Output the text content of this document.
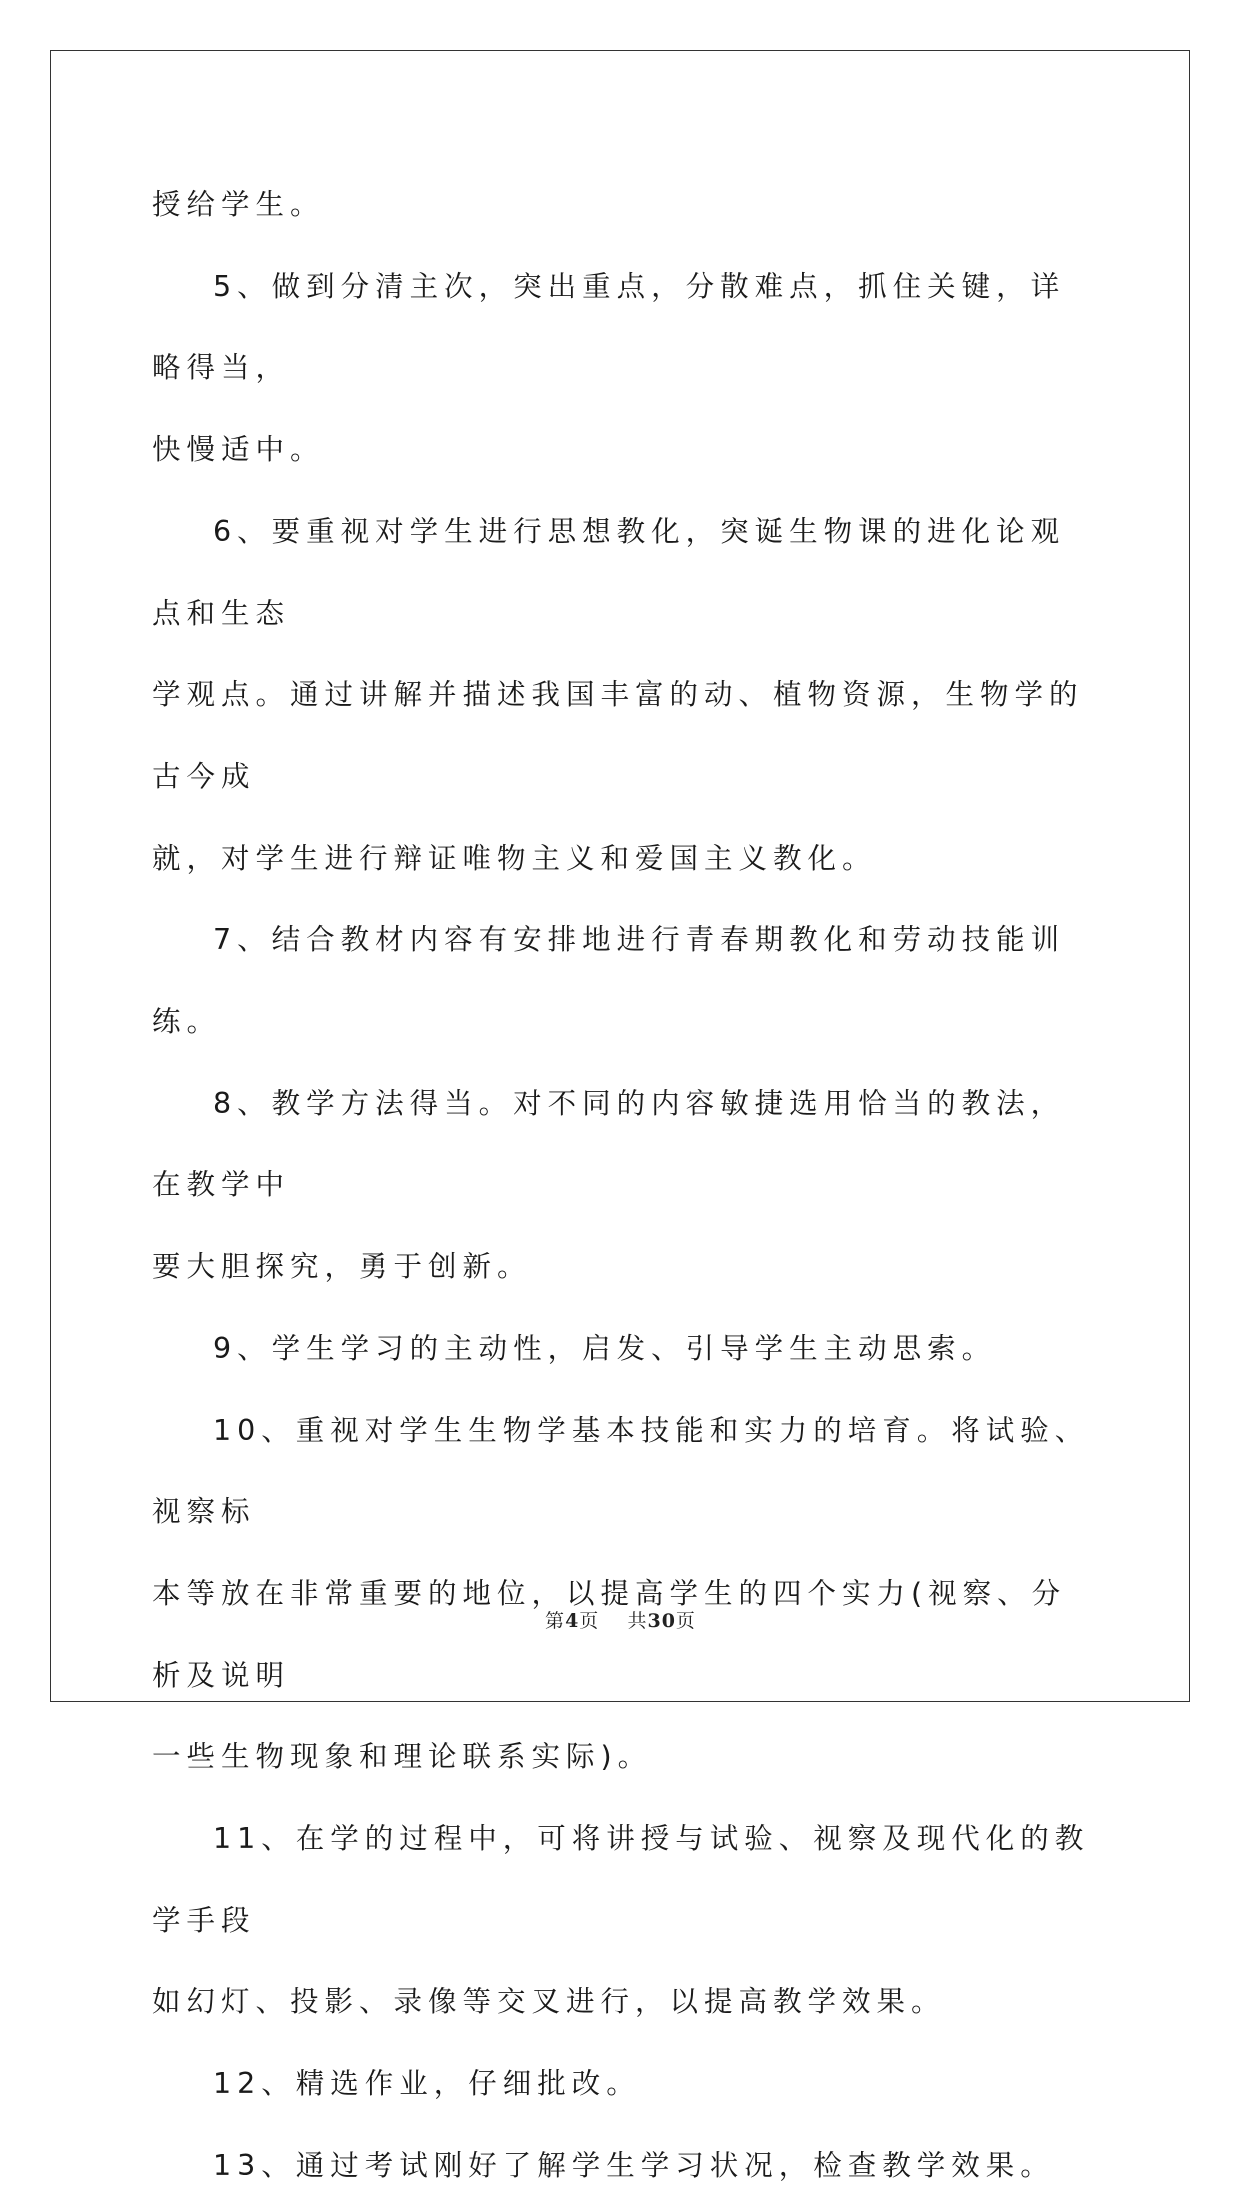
授给学生。

5、做到分清主次，突出重点，分散难点，抓住关键，详略得当，
快慢适中。

6、要重视对学生进行思想教化，突诞生物课的进化论观点和生态
学观点。通过讲解并描述我国丰富的动、植物资源，生物学的古今成
就，对学生进行辩证唯物主义和爱国主义教化。

7、结合教材内容有安排地进行青春期教化和劳动技能训练。

8、教学方法得当。对不同的内容敏捷选用恰当的教法，在教学中
要大胆探究，勇于创新。

9、学生学习的主动性，启发、引导学生主动思索。

10、重视对学生生物学基本技能和实力的培育。将试验、视察标
本等放在非常重要的地位，以提高学生的四个实力(视察、分析及说明
一些生物现象和理论联系实际)。

11、在学的过程中，可将讲授与试验、视察及现代化的教学手段
如幻灯、投影、录像等交叉进行，以提高教学效果。

12、精选作业，仔细批改。

13、通过考试刚好了解学生学习状况，检查教学效果。

第4页    共30页
